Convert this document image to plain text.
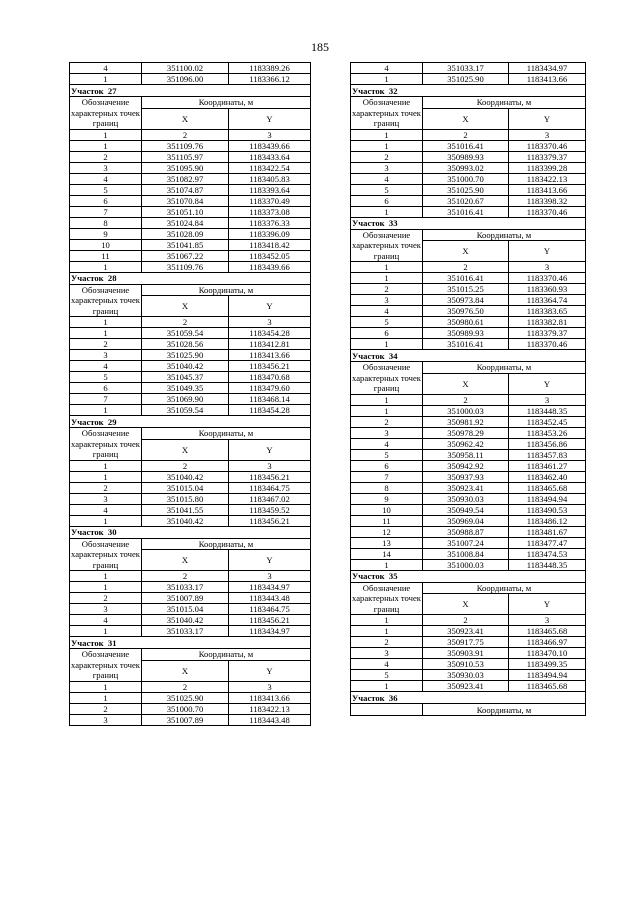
185
4	351100.02	1183389.26
1	351096.00	1183366.12
Участок 27		
Обозначение характерных точек границ	Координаты, м	
	X	Y
1	2	3
1	351109.76	1183439.66
2	351105.97	1183433.64
3	351095.90	1183422.54
4	351082.97	1183405.83
5	351074.87	1183393.64
6	351070.84	1183370.49
7	351051.10	1183373.08
8	351024.84	1183376.33
9	351028.09	1183396.09
10	351041.85	1183418.42
11	351067.22	1183452.05
1	351109.76	1183439.66
Участок 28		
Обозначение характерных точек границ	Координаты, м	
	X	Y
1	2	3
1	351059.54	1183454.28
2	351028.56	1183412.81
3	351025.90	1183413.66
4	351040.42	1183456.21
5	351045.37	1183470.68
6	351049.35	1183479.60
7	351069.90	1183468.14
1	351059.54	1183454.28
Участок 29		
Обозначение характерных точек границ	Координаты, м	
	X	Y
1	2	3
1	351040.42	1183456.21
2	351015.04	1183464.75
3	351015.80	1183467.02
4	351041.55	1183459.52
1	351040.42	1183456.21
Участок 30		
Обозначение характерных точек границ	Координаты, м	
	X	Y
1	2	3
1	351033.17	1183434.97
2	351007.89	1183443.48
3	351015.04	1183464.75
4	351040.42	1183456.21
1	351033.17	1183434.97
Участок 31		
Обозначение характерных точек границ	Координаты, м	
	X	Y
1	2	3
1	351025.90	1183413.66
2	351000.70	1183422.13
3	351007.89	1183443.48
4	351033.17	1183434.97
1	351025.90	1183413.66
Участок 32		
Обозначение характерных точек границ	Координаты, м	
	X	Y
1	2	3
1	351016.41	1183370.46
2	350989.93	1183379.37
3	350993.02	1183399.28
4	351000.70	1183422.13
5	351025.90	1183413.66
6	351020.67	1183398.32
1	351016.41	1183370.46
Участок 33		
Обозначение характерных точек границ	Координаты, м	
	X	Y
1	2	3
1	351016.41	1183370.46
2	351015.25	1183360.93
3	350973.84	1183364.74
4	350976.50	1183383.65
5	350980.61	1183382.81
6	350989.93	1183379.37
1	351016.41	1183370.46
Участок 34		
Обозначение характерных точек границ	Координаты, м	
	X	Y
1	2	3
1	351000.03	1183448.35
2	350981.92	1183452.45
3	350978.29	1183453.26
4	350962.42	1183456.86
5	350958.11	1183457.83
6	350942.92	1183461.27
7	350937.93	1183462.40
8	350923.41	1183465.68
9	350930.03	1183494.94
10	350949.54	1183490.53
11	350969.04	1183486.12
12	350988.87	1183481.67
13	351007.24	1183477.47
14	351008.84	1183474.53
1	351000.03	1183448.35
Участок 35		
Обозначение характерных точек границ	Координаты, м	
	X	Y
1	2	3
1	350923.41	1183465.68
2	350917.75	1183466.97
3	350903.91	1183470.10
4	350910.53	1183499.35
5	350930.03	1183494.94
1	350923.41	1183465.68
Участок 36		
	Координаты, м	
